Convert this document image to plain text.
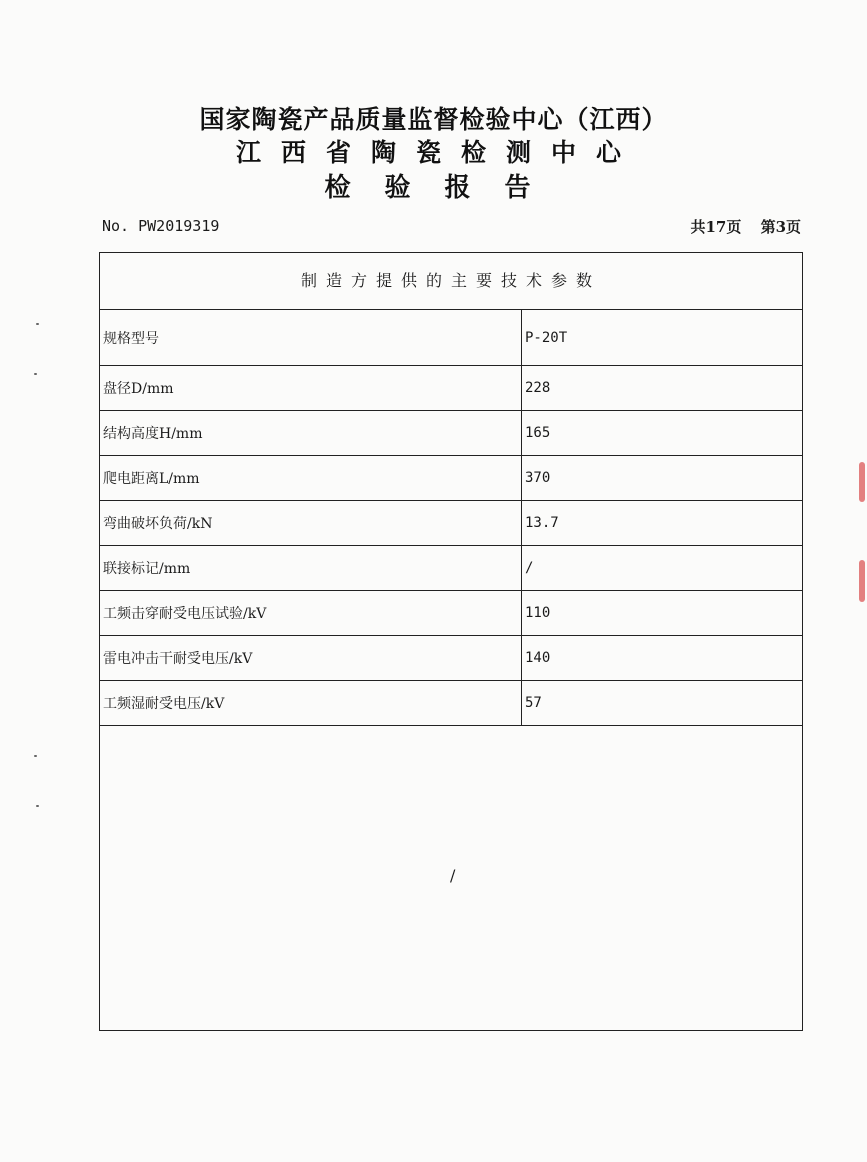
国家陶瓷产品质量监督检验中心（江西）
江西省陶瓷检测中心
检验报告
No. PW2019319	共17页 第3页
制造方提供的主要技术参数
规格型号	P-20T
盘径D/mm	228
结构高度H/mm	165
爬电距离L/mm	370
弯曲破坏负荷/kN	13.7
联接标记/mm	/
工频击穿耐受电压试验/kV	110
雷电冲击干耐受电压/kV	140
工频湿耐受电压/kV	57
/
